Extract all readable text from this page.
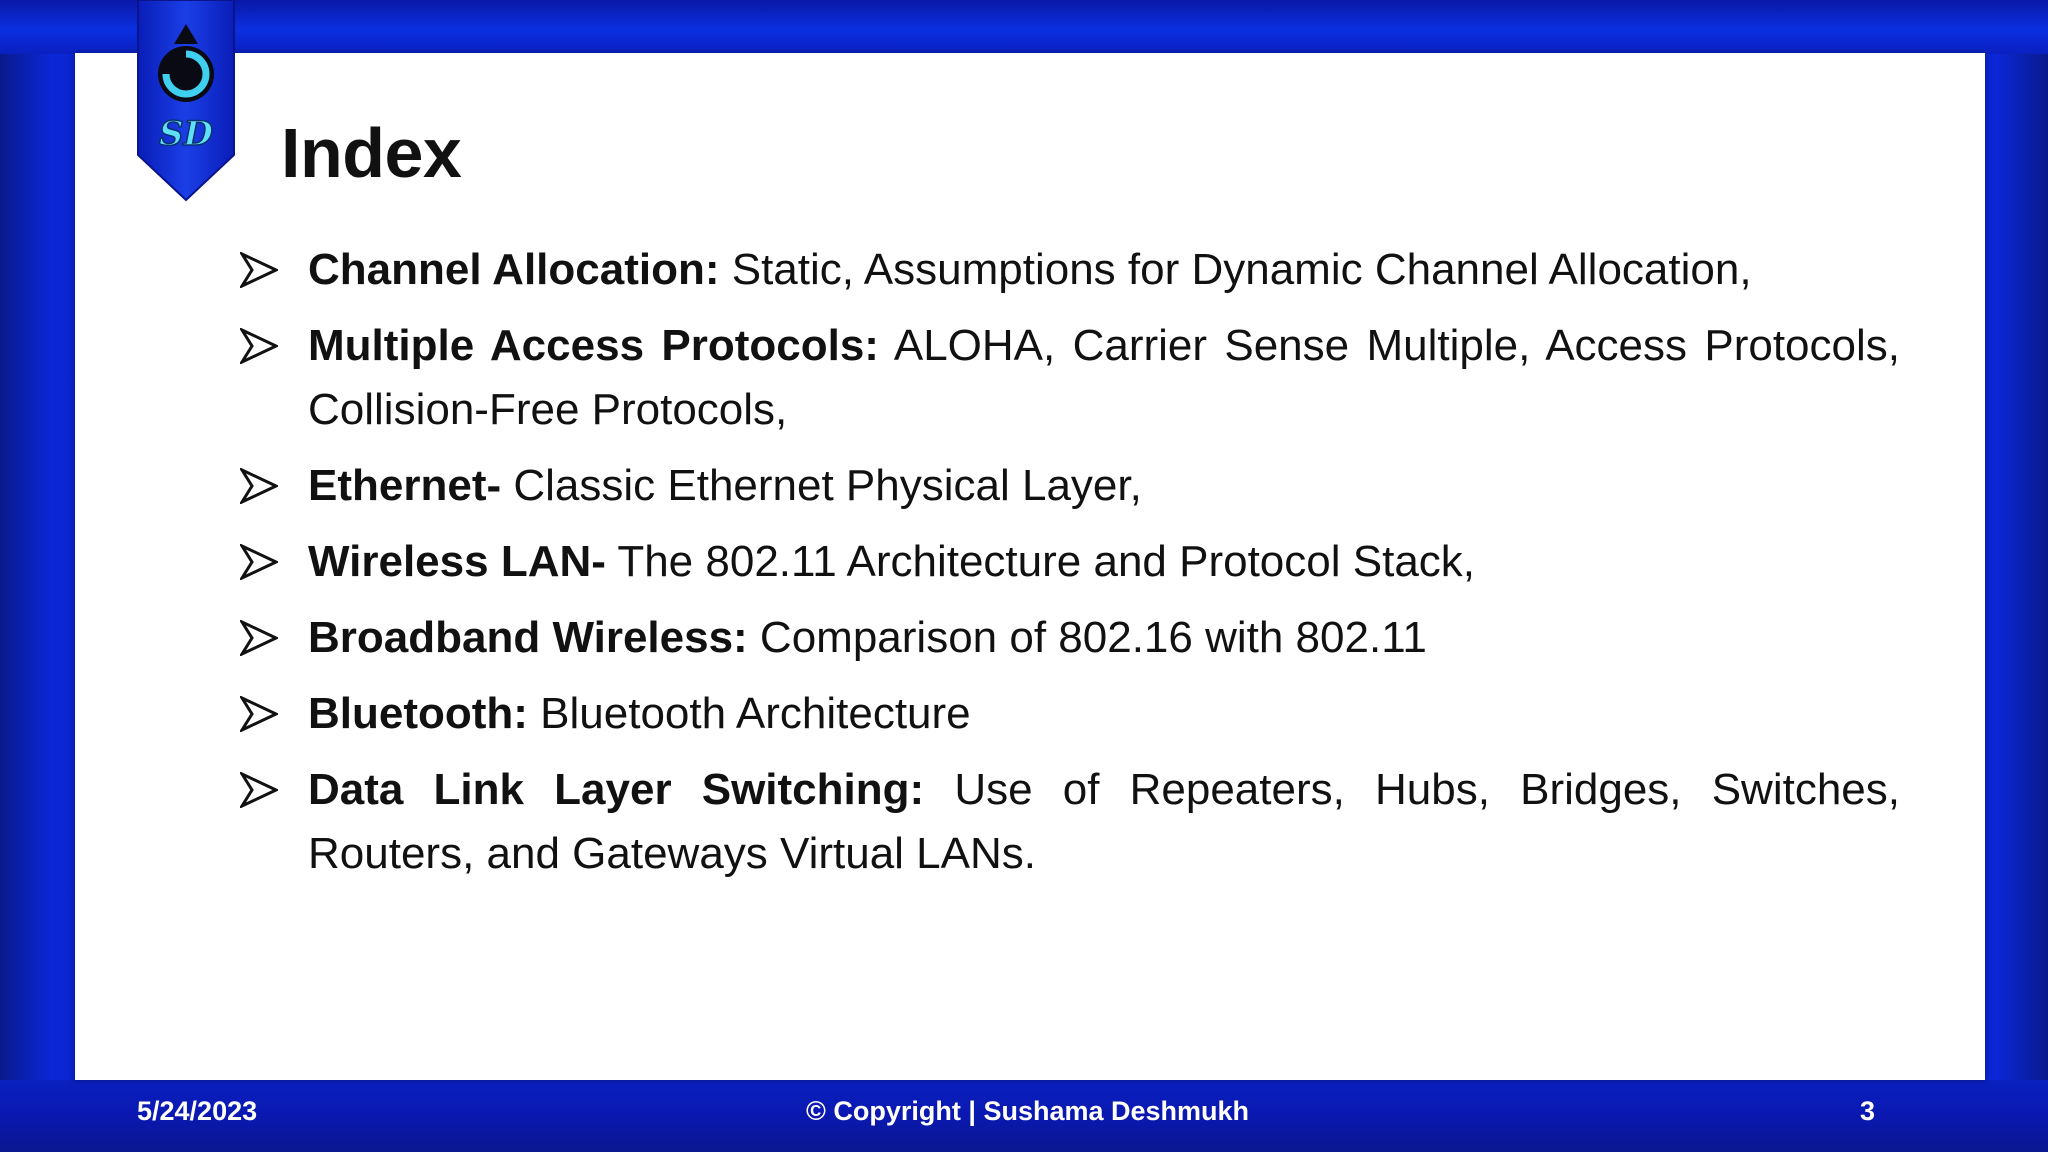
SD Index
Channel Allocation: Static, Assumptions for Dynamic Channel Allocation,
Multiple Access Protocols: ALOHA, Carrier Sense Multiple, Access Protocols, Collision-Free Protocols,
Ethernet- Classic Ethernet Physical Layer,
Wireless LAN- The 802.11 Architecture and Protocol Stack,
Broadband Wireless: Comparison of 802.16 with 802.11
Bluetooth: Bluetooth Architecture
Data Link Layer Switching: Use of Repeaters, Hubs, Bridges, Switches, Routers, and Gateways Virtual LANs.
5/24/2023	© Copyright | Sushama Deshmukh	3
